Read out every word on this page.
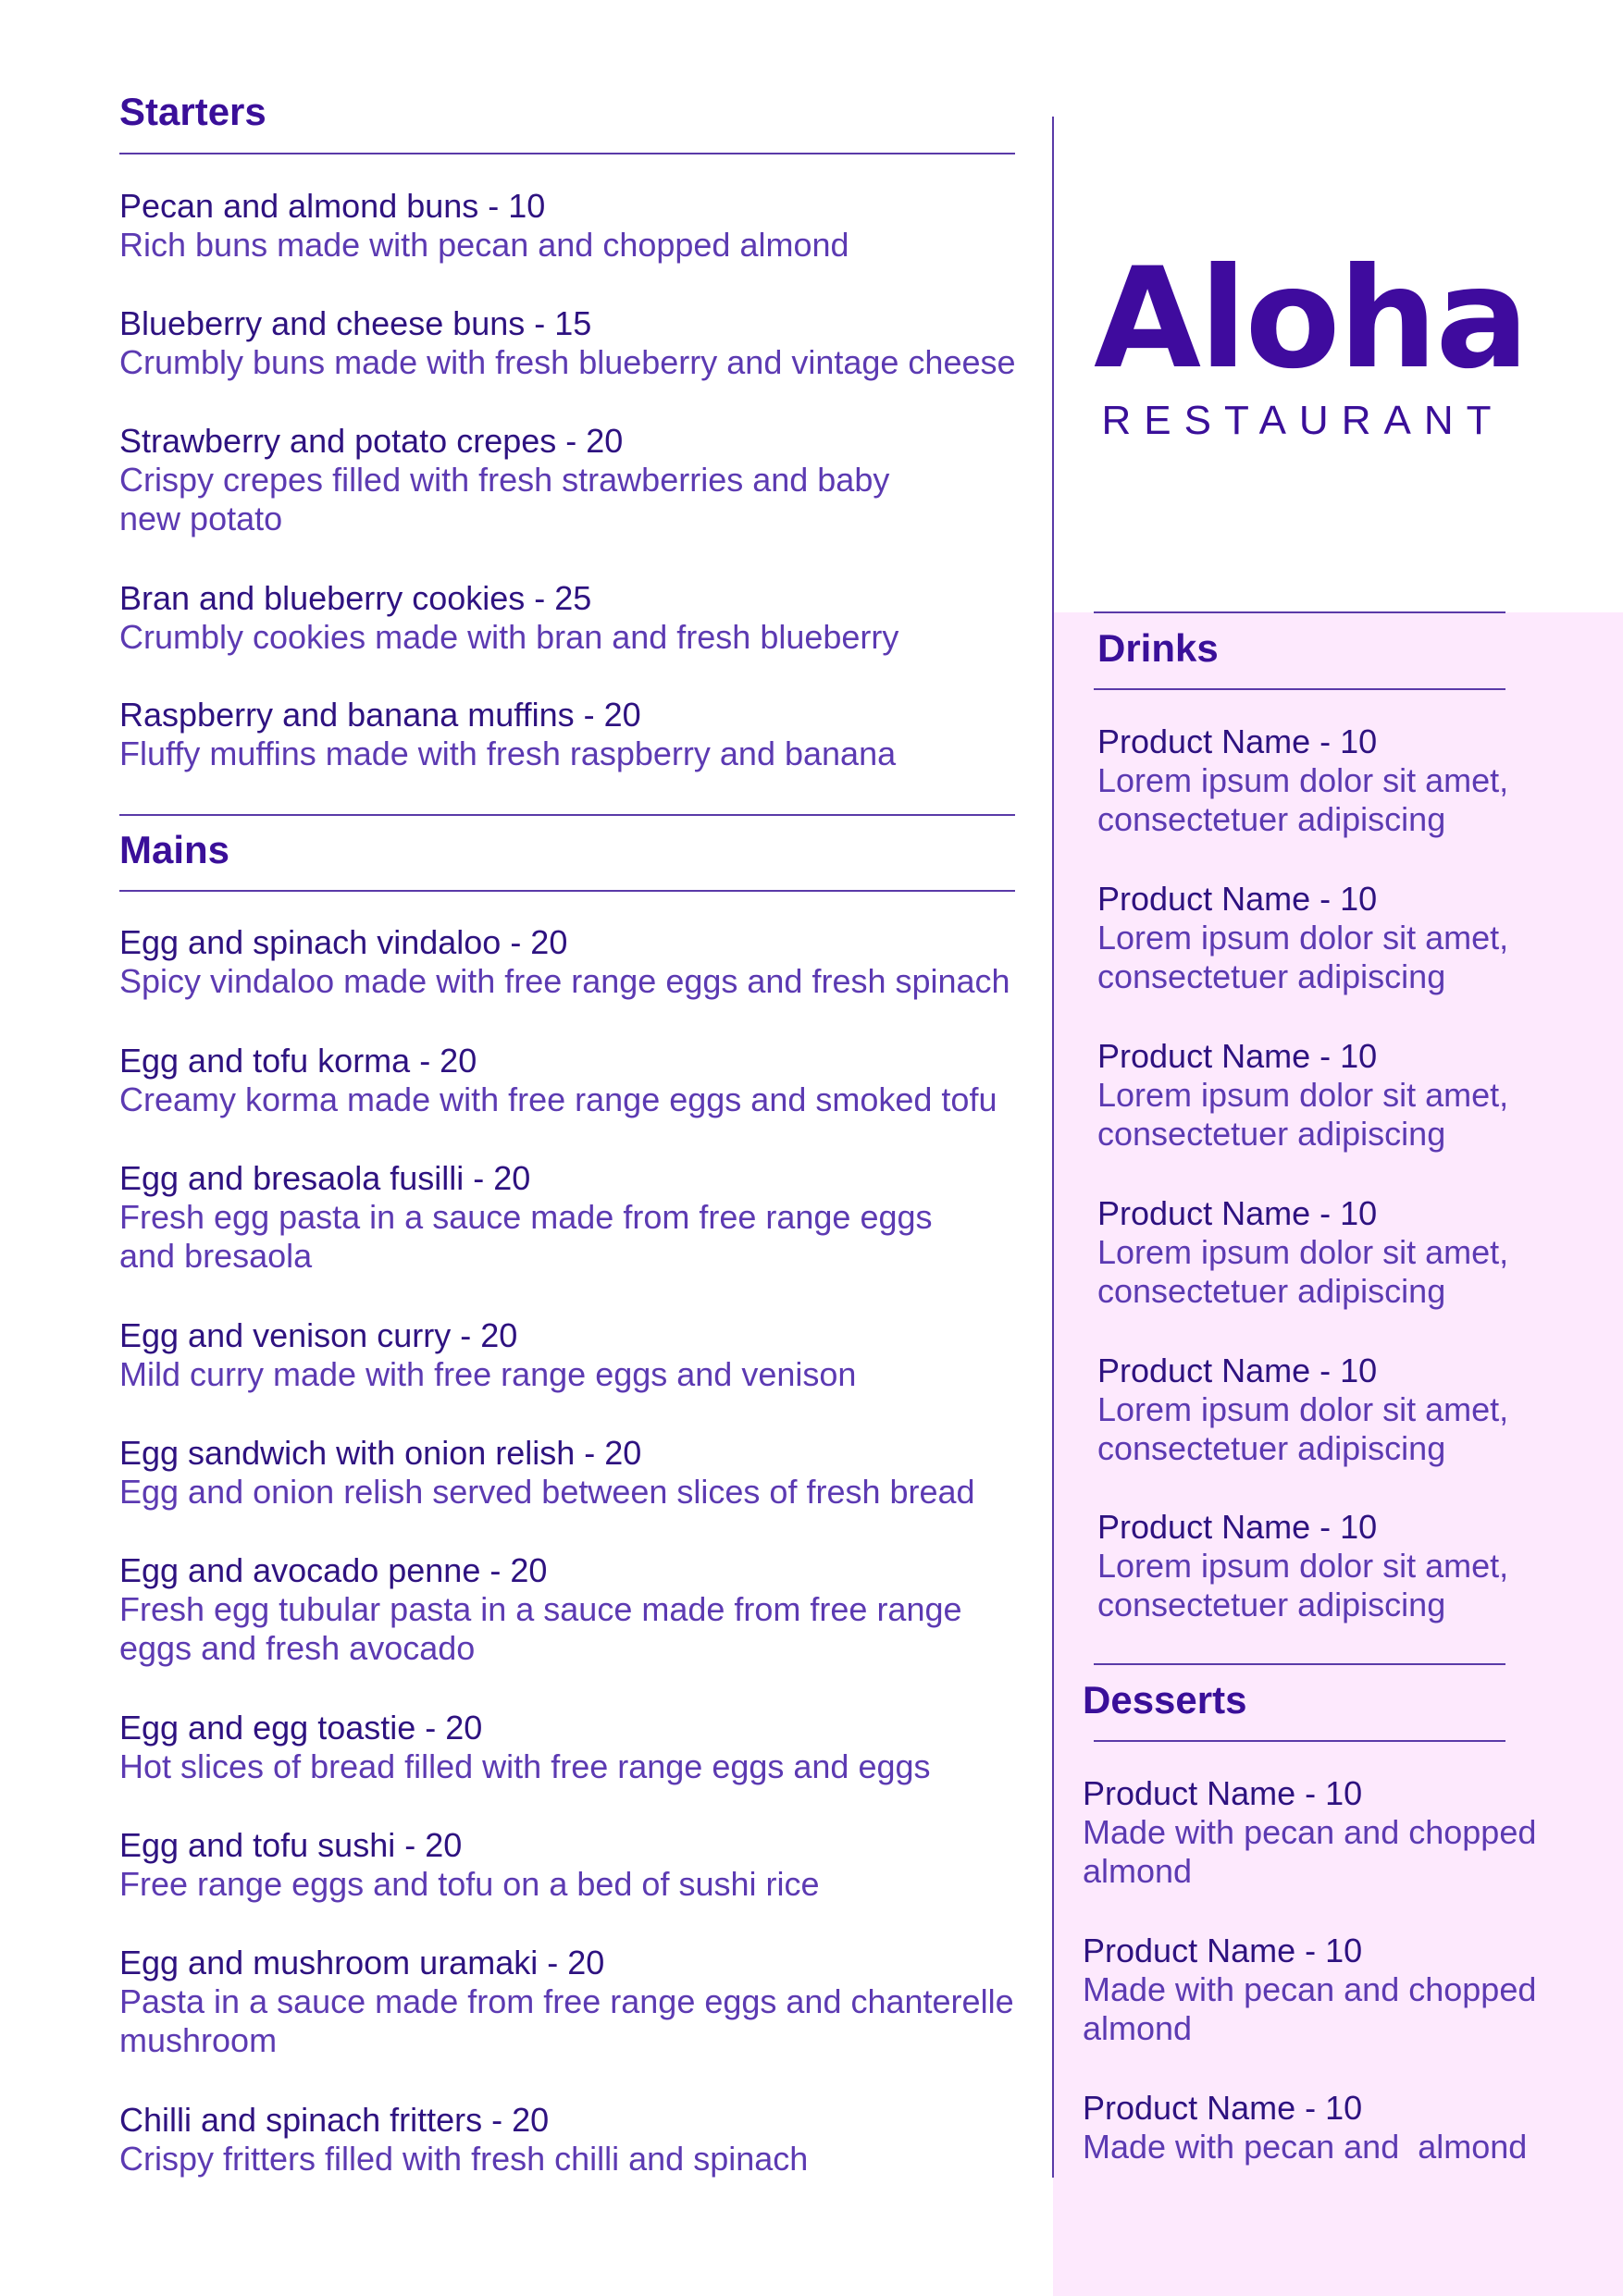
Starters
Pecan and almond buns - 10
Rich buns made with pecan and chopped almond
Blueberry and cheese buns - 15
Crumbly buns made with fresh blueberry and vintage cheese
Strawberry and potato crepes - 20
Crispy crepes filled with fresh strawberries and baby new potato
Bran and blueberry cookies - 25
Crumbly cookies made with bran and fresh blueberry
Raspberry and banana muffins - 20
Fluffy muffins made with fresh raspberry and banana
Mains
Egg and spinach vindaloo - 20
Spicy vindaloo made with free range eggs and fresh spinach
Egg and tofu korma - 20
Creamy korma made with free range eggs and smoked tofu
Egg and bresaola fusilli - 20
Fresh egg pasta in a sauce made from free range eggs and bresaola
Egg and venison curry - 20
Mild curry made with free range eggs and venison
Egg sandwich with onion relish - 20
Egg and onion relish served between slices of fresh bread
Egg and avocado penne - 20
Fresh egg tubular pasta in a sauce made from free range eggs and fresh avocado
Egg and egg toastie - 20
Hot slices of bread filled with free range eggs and eggs
Egg and tofu sushi - 20
Free range eggs and tofu on a bed of sushi rice
Egg and mushroom uramaki - 20
Pasta in a sauce made from free range eggs and chanterelle mushroom
Chilli and spinach fritters - 20
Crispy fritters filled with fresh chilli and spinach
Aloha
RESTAURANT
Drinks
Product Name - 10
Lorem ipsum dolor sit amet, consectetuer adipiscing
Product Name - 10
Lorem ipsum dolor sit amet, consectetuer adipiscing
Product Name - 10
Lorem ipsum dolor sit amet, consectetuer adipiscing
Product Name - 10
Lorem ipsum dolor sit amet, consectetuer adipiscing
Product Name - 10
Lorem ipsum dolor sit amet, consectetuer adipiscing
Product Name - 10
Lorem ipsum dolor sit amet, consectetuer adipiscing
Desserts
Product Name - 10
Made with pecan and chopped almond
Product Name - 10
Made with pecan and chopped almond
Product Name - 10
Made with pecan and  almond
